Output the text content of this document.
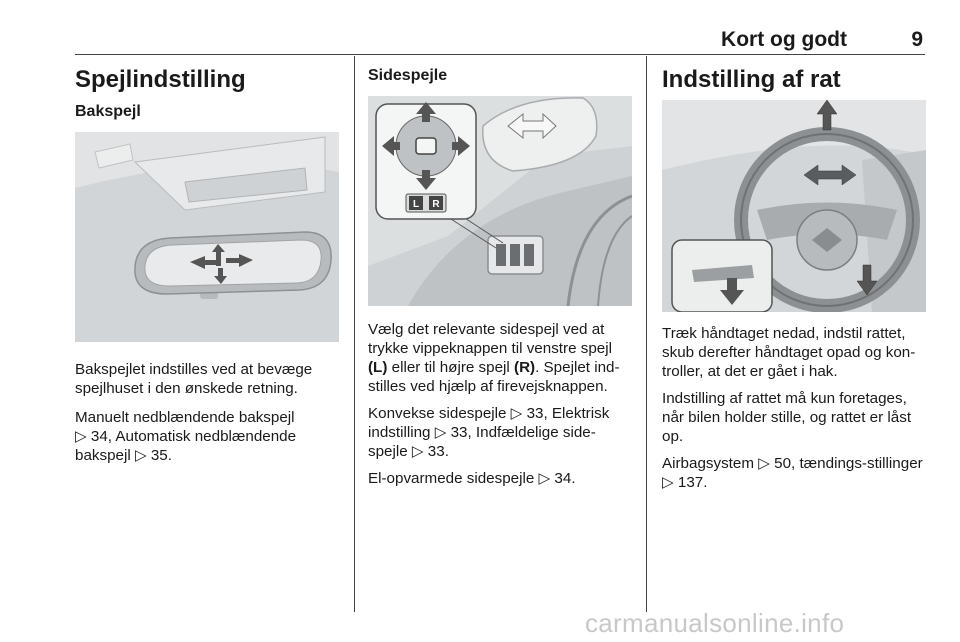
Kort og godt	9
Spejlindstilling
Bakspejl

Bakspejlet indstilles ved at bevæge spejlhuset i den ønskede retning.

Manuelt nedblændende bakspejl
▷ 34, Automatisk nedblændende
bakspejl ▷ 35.

Sidespejle
L R

Vælg det relevante sidespejl ved at trykke vippeknappen til venstre spejl (L) eller til højre spejl (R). Spejlet ind-stilles ved hjælp af firevejsknappen.

Konvekse sidespejle ▷ 33, Elektrisk indstilling ▷ 33, Indfældelige side-spejle ▷ 33.

El-opvarmede sidespejle ▷ 34.

Indstilling af rat

Træk håndtaget nedad, indstil rattet, skub derefter håndtaget opad og kon-troller, at det er gået i hak.

Indstilling af rattet må kun foretages, når bilen holder stille, og rattet er låst op.

Airbagsystem ▷ 50, tændings-stillinger ▷ 137.

carmanualsonline.info
